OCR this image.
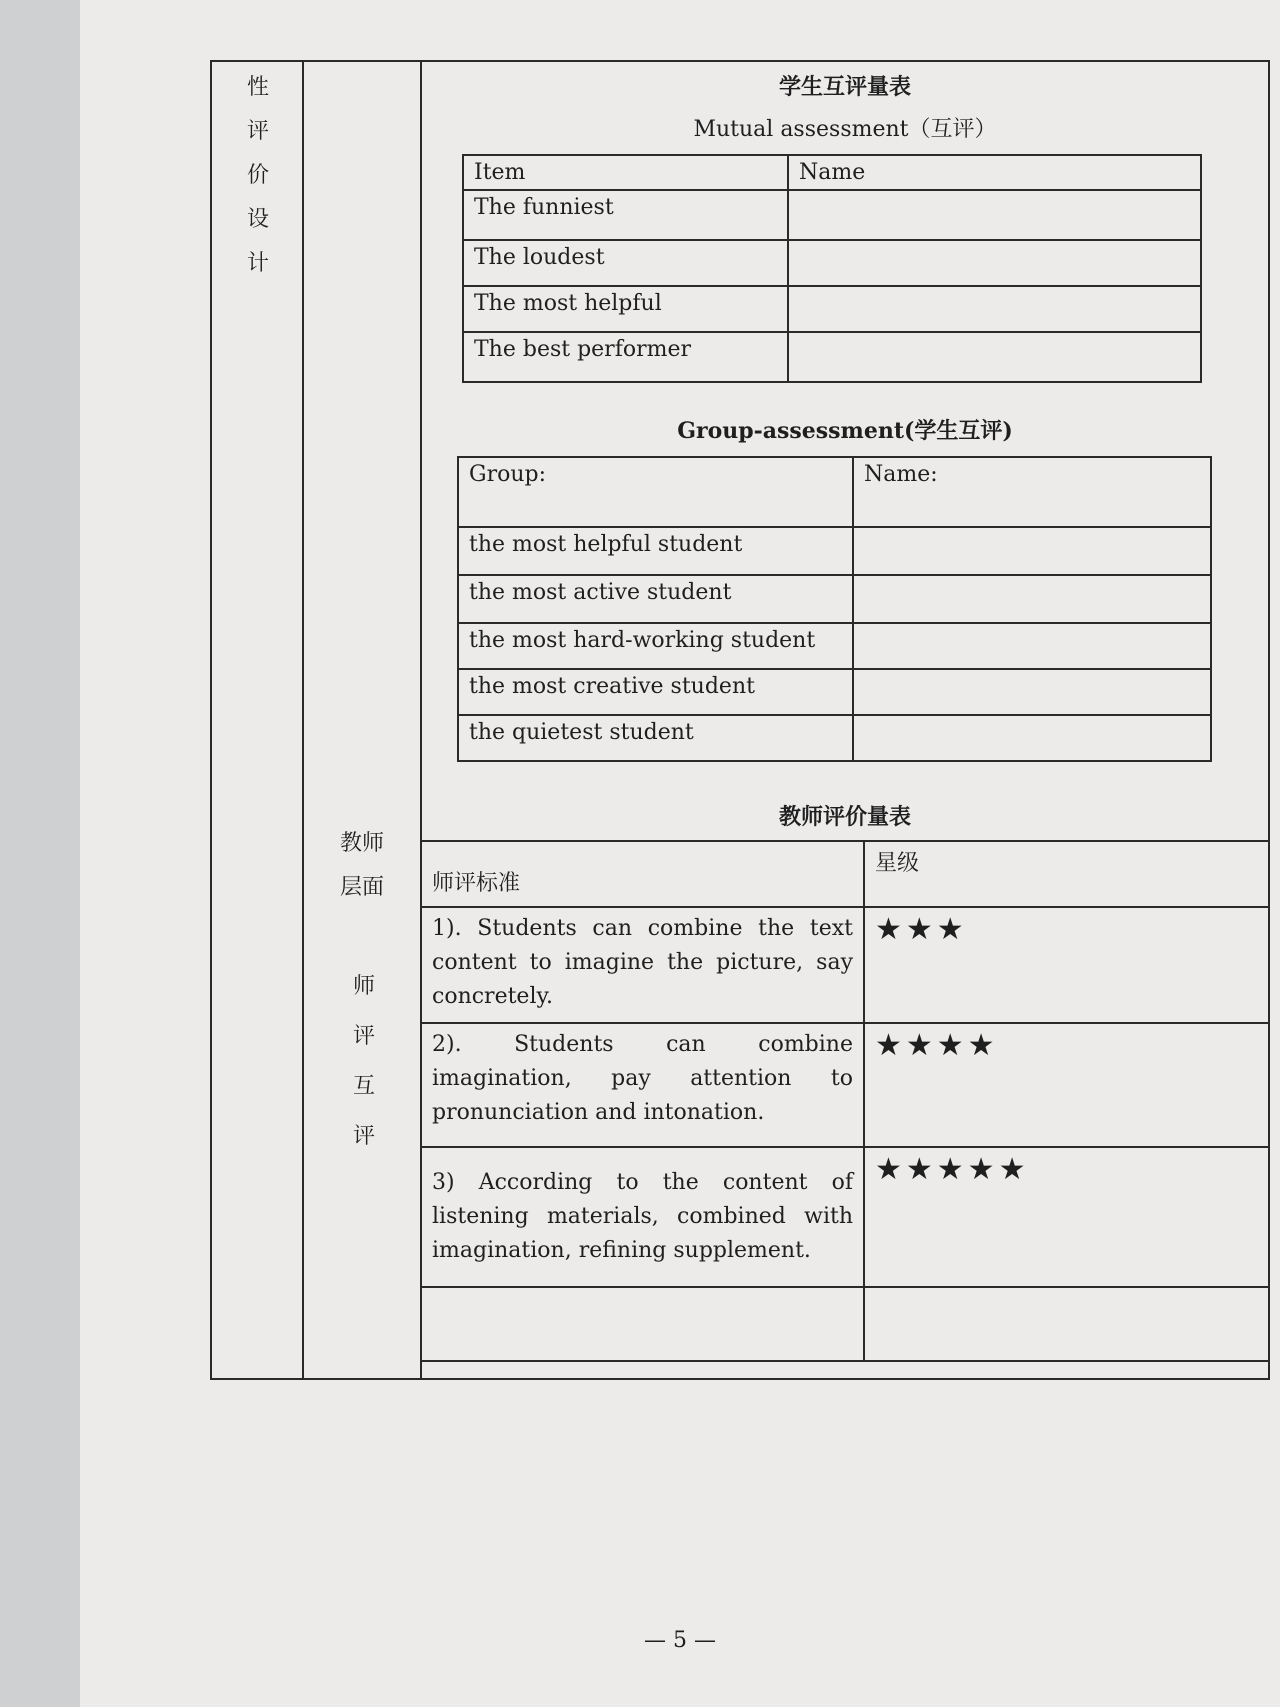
性
评
价
设
计
教师
层面
师
评
互
评
学生互评量表
Mutual assessment（互评）
Item	Name
The funniest	
The loudest	
The most helpful	
The best performer	
Group-assessment(学生互评)
Group:	Name:
the most helpful student	
the most active student	
the most hard-working student	
the most creative student	
the quietest student	
教师评价量表
师评标准	星级
1). Students can combine the text content to imagine the picture, say concretely.	★★★
2). Students can combine imagination, pay attention to pronunciation and intonation.	★★★★
3) According to the content of listening materials, combined with imagination, refining supplement.	★★★★★

— 5 —
